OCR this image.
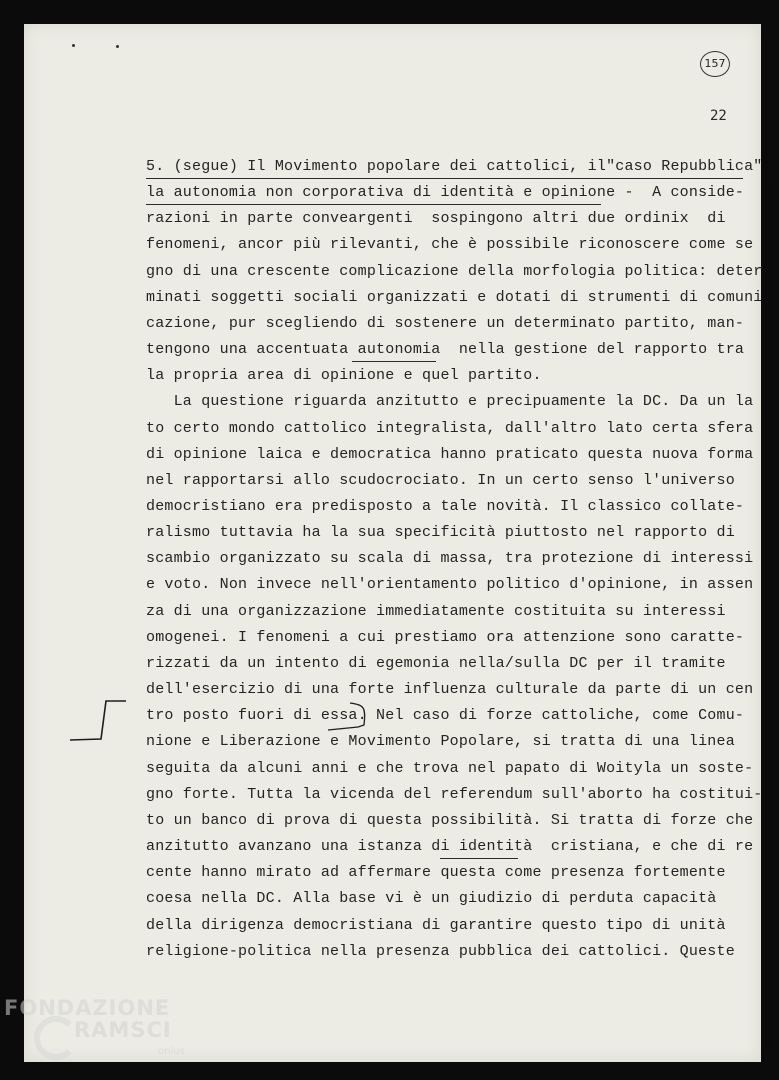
157
22
5. (segue) Il Movimento popolare dei cattolici, il"caso Repubblica"
la autonomia non corporativa di identità e opinione -  A conside-
razioni in parte conveargenti  sospingono altri due ordinix  di
fenomeni, ancor più rilevanti, che è possibile riconoscere come se
gno di una crescente complicazione della morfologia politica: deter
minati soggetti sociali organizzati e dotati di strumenti di comuni
cazione, pur scegliendo di sostenere un determinato partito, man-
tengono una accentuata autonomia  nella gestione del rapporto tra
la propria area di opinione e quel partito.
La questione riguarda anzitutto e precipuamente la DC. Da un la
to certo mondo cattolico integralista, dall'altro lato certa sfera
di opinione laica e democratica hanno praticato questa nuova forma
nel rapportarsi allo scudocrociato. In un certo senso l'universo
democristiano era predisposto a tale novità. Il classico collate-
ralismo tuttavia ha la sua specificità piuttosto nel rapporto di
scambio organizzato su scala di massa, tra protezione di interessi
e voto. Non invece nell'orientamento politico d'opinione, in assen
za di una organizzazione immediatamente costituita su interessi
omogenei. I fenomeni a cui prestiamo ora attenzione sono caratte-
rizzati da un intento di egemonia nella/sulla DC per il tramite
dell'esercizio di una forte influenza culturale da parte di un cen
tro posto fuori di essa. Nel caso di forze cattoliche, come Comu-
nione e Liberazione e Movimento Popolare, si tratta di una linea
seguita da alcuni anni e che trova nel papato di Woityla un soste-
gno forte. Tutta la vicenda del referendum sull'aborto ha costitui-
to un banco di prova di questa possibilità. Si tratta di forze che
anzitutto avanzano una istanza di identità  cristiana, e che di re
cente hanno mirato ad affermare questa come presenza fortemente
coesa nella DC. Alla base vi è un giudizio di perduta capacità
della dirigenza democristiana di garantire questo tipo di unità
religione-politica nella presenza pubblica dei cattolici. Queste
FONDAZIONE
RAMSCI
onlus
